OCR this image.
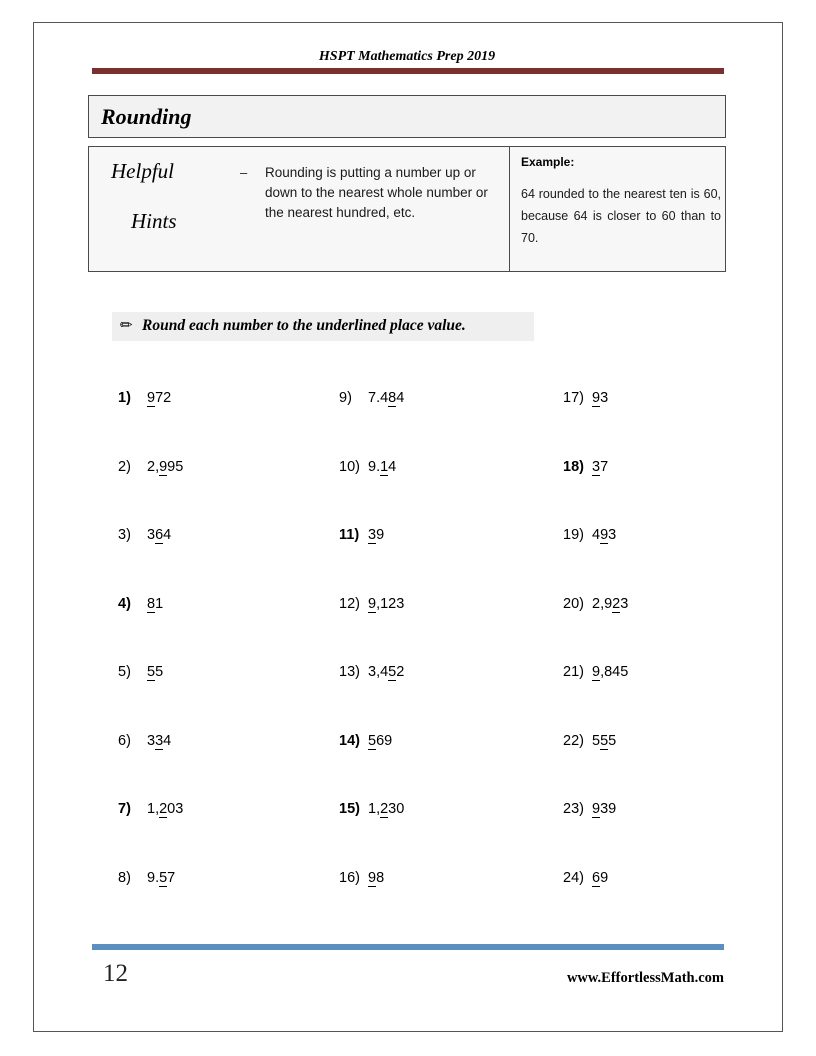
HSPT Mathematics Prep 2019
Rounding
Helpful
Hints
– Rounding is putting a number up or down to the nearest whole number or the nearest hundred, etc.
Example:
64 rounded to the nearest ten is 60, because 64 is closer to 60 than to 70.
✏ Round each number to the underlined place value.
1) 972
2) 2,995
3) 364
4) 81
5) 55
6) 334
7) 1,203
8) 9.57
9) 7.484
10) 9.14
11) 39
12) 9,123
13) 3,452
14) 569
15) 1,230
16) 98
17) 93
18) 37
19) 493
20) 2,923
21) 9,845
22) 555
23) 939
24) 69
12	www.EffortlessMath.com
